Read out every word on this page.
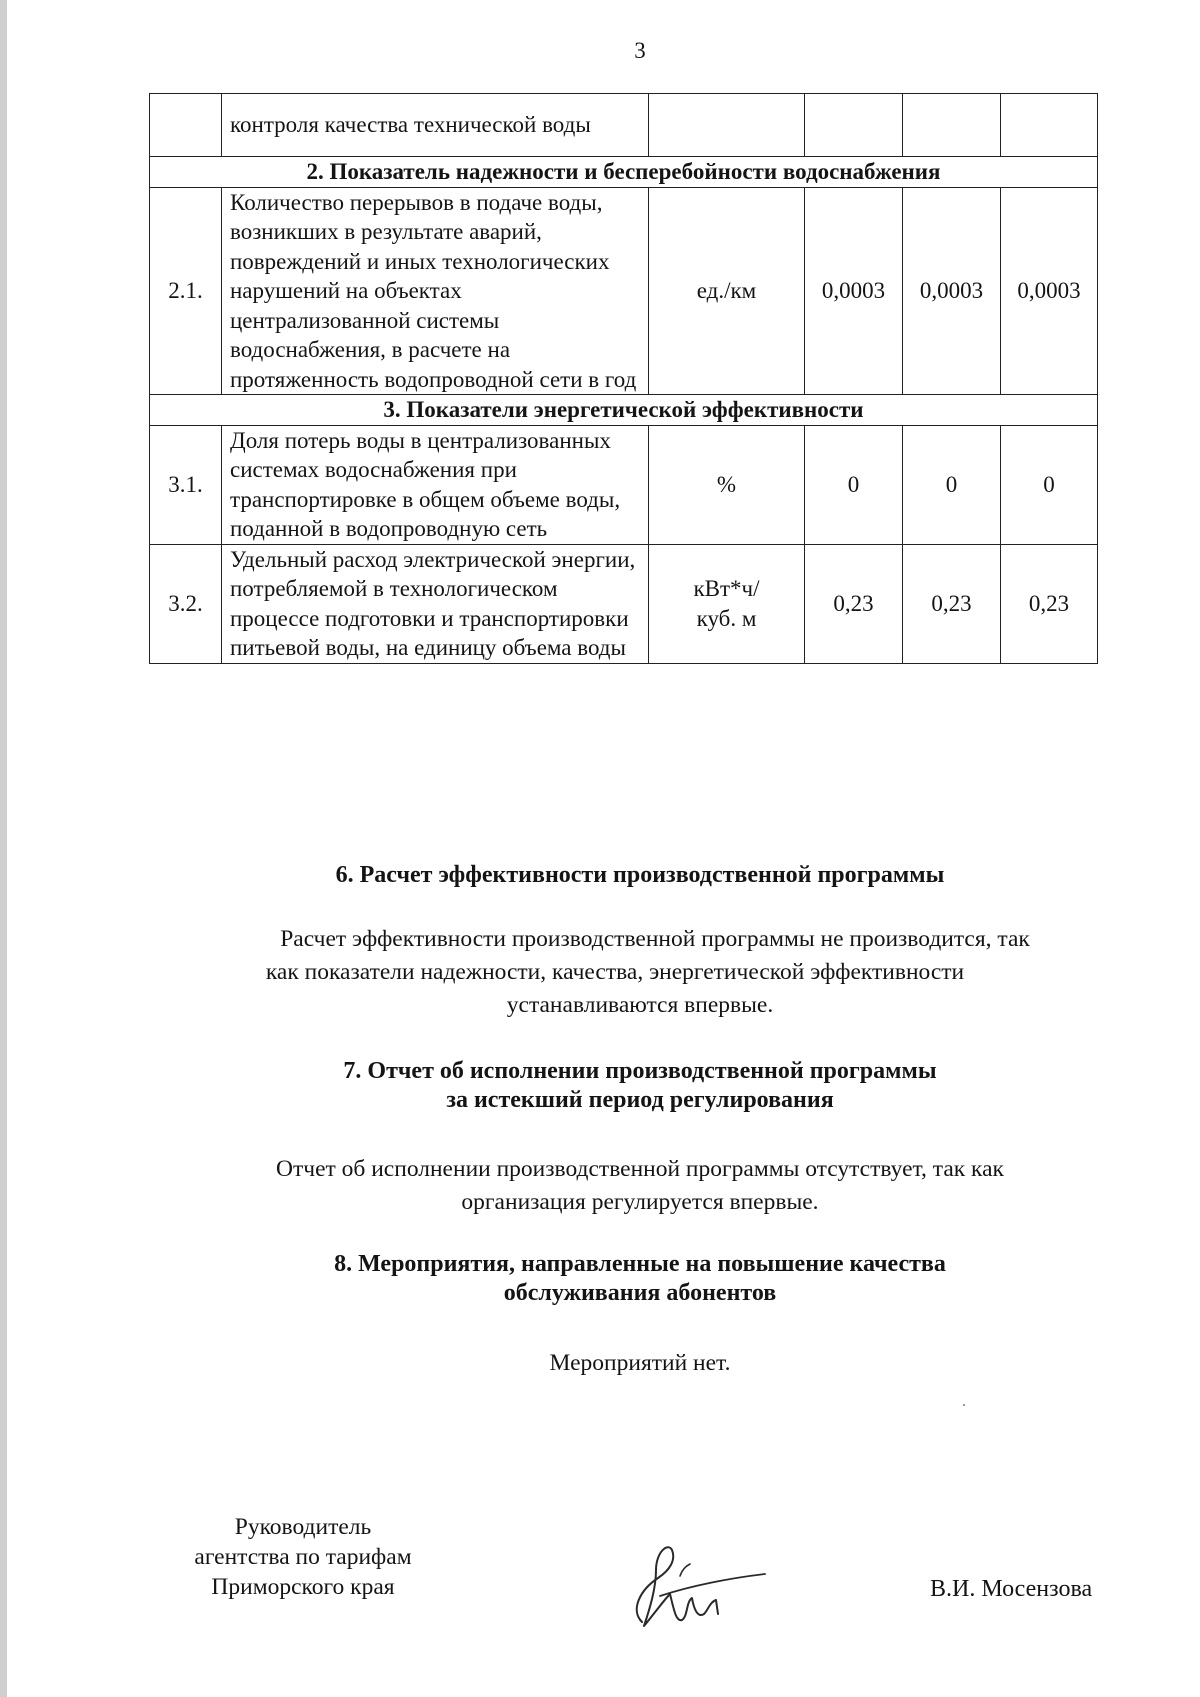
3
	контроля качества технической воды				
2. Показатель надежности и бесперебойности водоснабжения					
2.1.	Количество перерывов в подаче воды, возникших в результате аварий, повреждений и иных технологических нарушений на объектах централизованной системы водоснабжения, в расчете на протяженность водопроводной сети в год	ед./км	0,0003	0,0003	0,0003
3. Показатели энергетической эффективности					
3.1.	Доля потерь воды в централизованных системах водоснабжения при транспортировке в общем объеме воды, поданной в водопроводную сеть	%	0	0	0
3.2.	Удельный расход электрической энергии, потребляемой в технологическом процессе подготовки и транспортировки питьевой воды, на единицу объема воды	кВт*ч/
куб. м	0,23	0,23	0,23
6. Расчет эффективности производственной программы
Расчет эффективности производственной программы не производится, так
как показатели надежности, качества, энергетической эффективности
устанавливаются впервые.
7. Отчет об исполнении производственной программы
за истекший период регулирования
Отчет об исполнении производственной программы отсутствует, так как
организация регулируется впервые.
8. Мероприятия, направленные на повышение качества
обслуживания абонентов
Мероприятий нет.
Руководитель
агентства по тарифам
Приморского края	В.И. Мосензова
